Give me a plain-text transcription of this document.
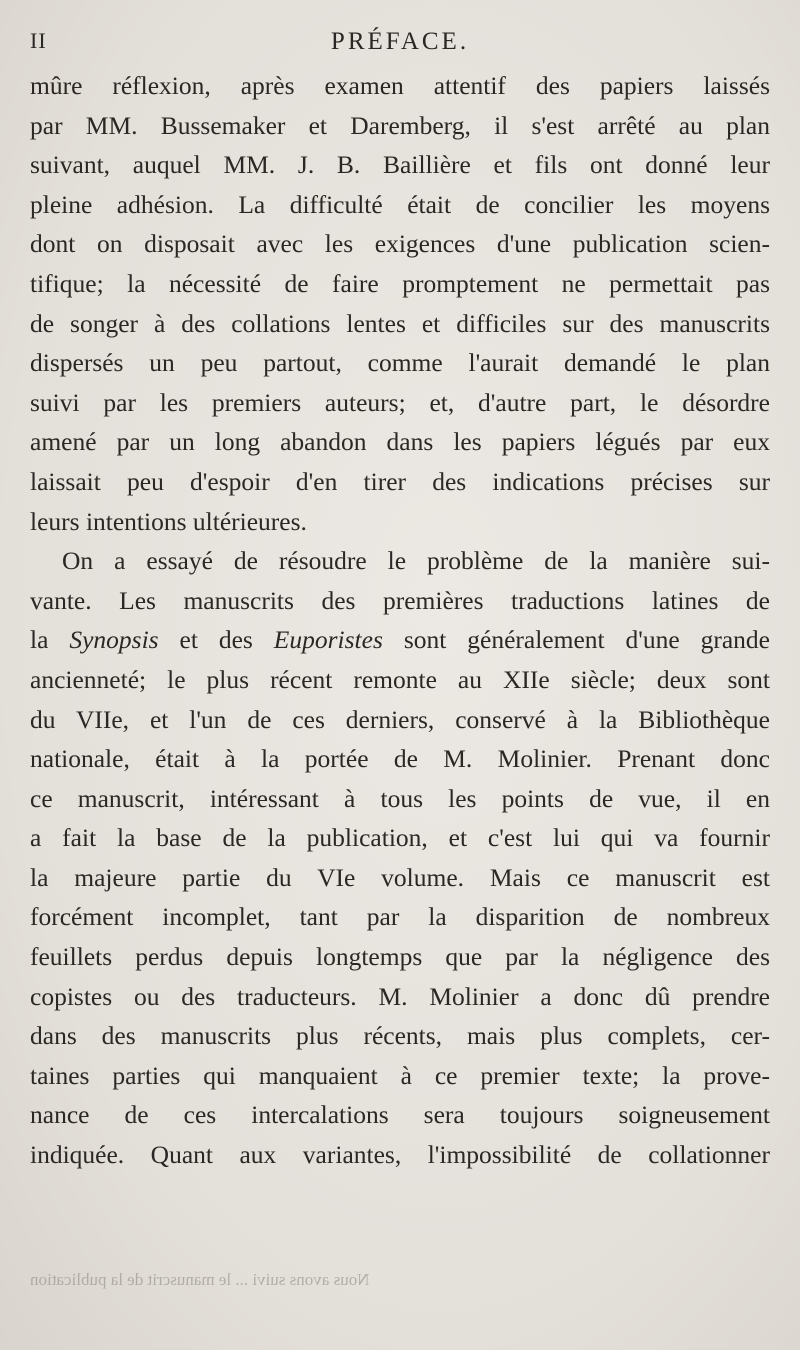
II	PRÉFACE.
mûre réflexion, après examen attentif des papiers laissés
par MM. Bussemaker et Daremberg, il s'est arrêté au plan
suivant, auquel MM. J. B. Baillière et fils ont donné leur
pleine adhésion. La difficulté était de concilier les moyens
dont on disposait avec les exigences d'une publication scien-
tifique; la nécessité de faire promptement ne permettait pas
de songer à des collations lentes et difficiles sur des manuscrits
dispersés un peu partout, comme l'aurait demandé le plan
suivi par les premiers auteurs; et, d'autre part, le désordre
amené par un long abandon dans les papiers légués par eux
laissait peu d'espoir d'en tirer des indications précises sur
leurs intentions ultérieures.
On a essayé de résoudre le problème de la manière sui-
vante. Les manuscrits des premières traductions latines de
la Synopsis et des Euporistes sont généralement d'une grande
ancienneté; le plus récent remonte au XIIe siècle; deux sont
du VIIe, et l'un de ces derniers, conservé à la Bibliothèque
nationale, était à la portée de M. Molinier. Prenant donc
ce manuscrit, intéressant à tous les points de vue, il en
a fait la base de la publication, et c'est lui qui va fournir
la majeure partie du VIe volume. Mais ce manuscrit est
forcément incomplet, tant par la disparition de nombreux
feuillets perdus depuis longtemps que par la négligence des
copistes ou des traducteurs. M. Molinier a donc dû prendre
dans des manuscrits plus récents, mais plus complets, cer-
taines parties qui manquaient à ce premier texte; la prove-
nance de ces intercalations sera toujours soigneusement
indiquée. Quant aux variantes, l'impossibilité de collationner
Nous avons suivi ... le manuscrit de la publication
